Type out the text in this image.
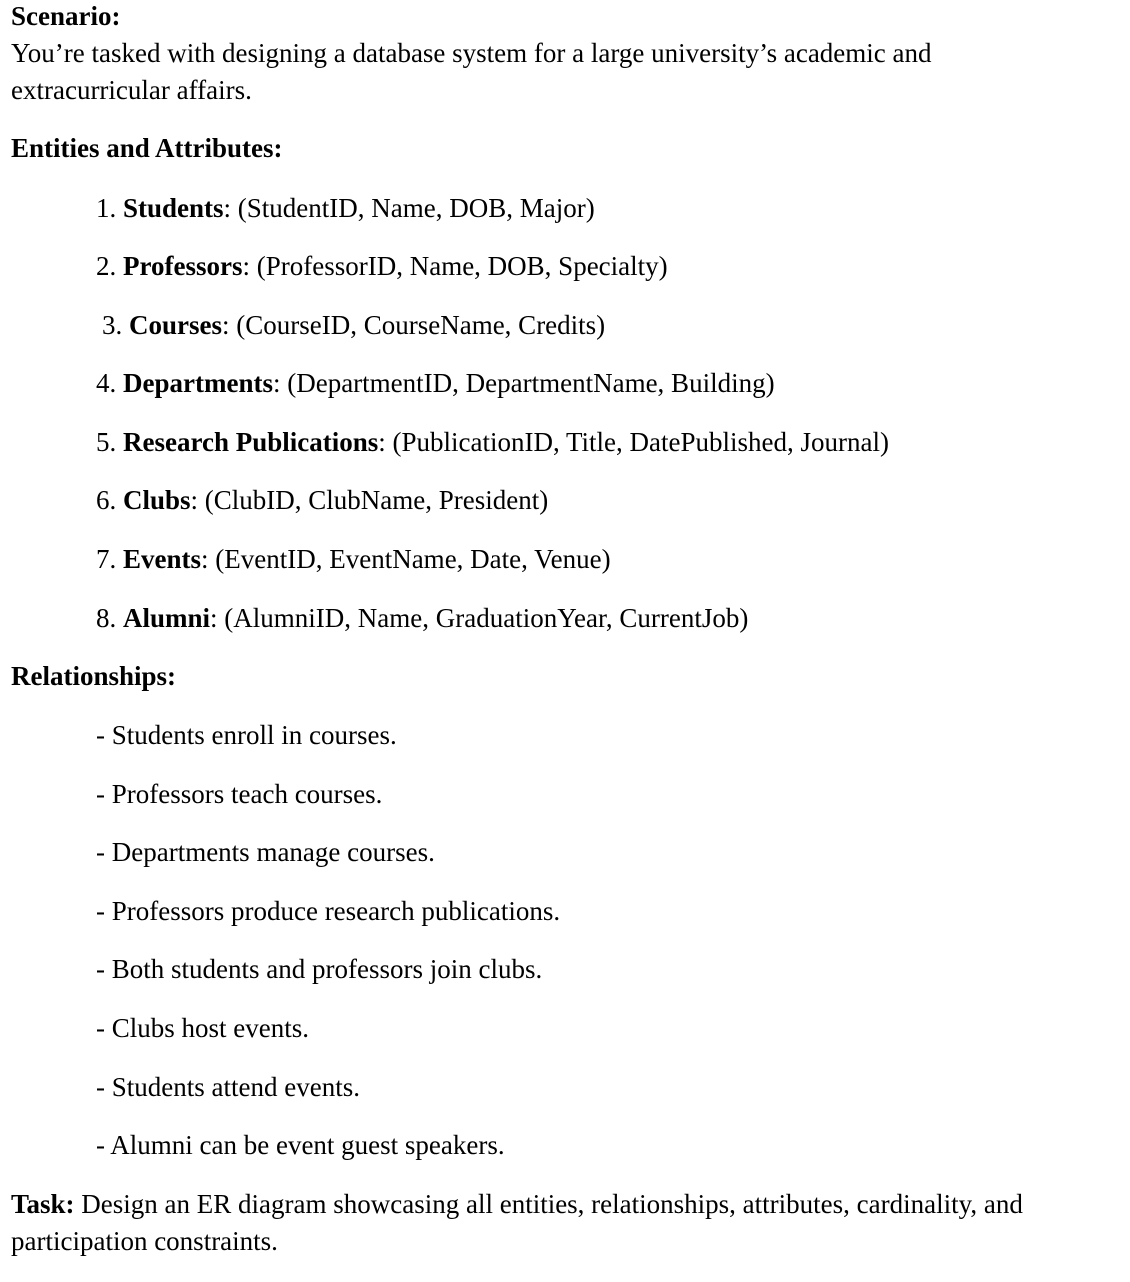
Scenario:
You’re tasked with designing a database system for a large university’s academic and extracurricular affairs.
Entities and Attributes:
1. Students: (StudentID, Name, DOB, Major)
2. Professors: (ProfessorID, Name, DOB, Specialty)
3. Courses: (CourseID, CourseName, Credits)
4. Departments: (DepartmentID, DepartmentName, Building)
5. Research Publications: (PublicationID, Title, DatePublished, Journal)
6. Clubs: (ClubID, ClubName, President)
7. Events: (EventID, EventName, Date, Venue)
8. Alumni: (AlumniID, Name, GraduationYear, CurrentJob)
Relationships:
- Students enroll in courses.
- Professors teach courses.
- Departments manage courses.
- Professors produce research publications.
- Both students and professors join clubs.
- Clubs host events.
- Students attend events.
- Alumni can be event guest speakers.
Task: Design an ER diagram showcasing all entities, relationships, attributes, cardinality, and participation constraints.
